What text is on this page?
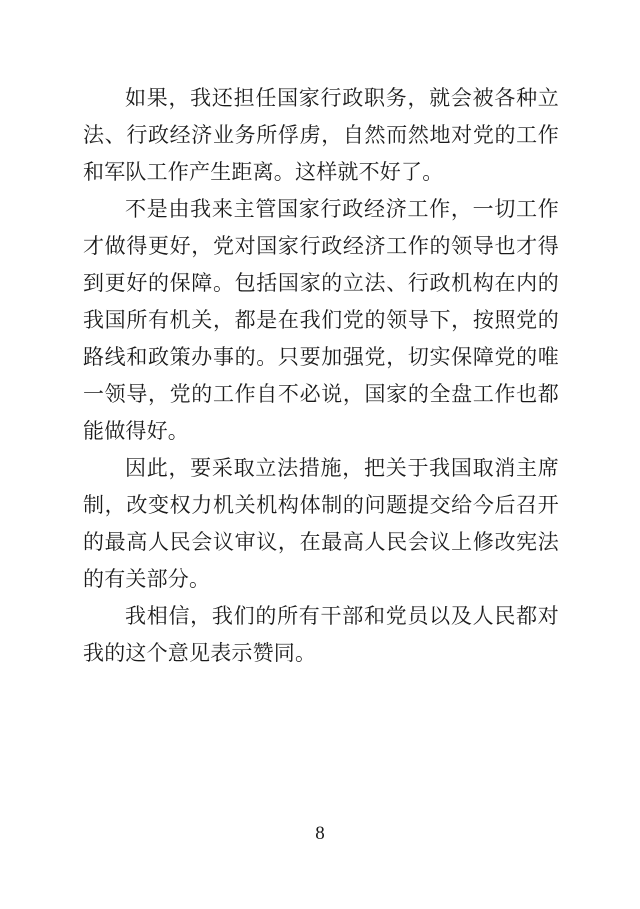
如果，我还担任国家行政职务，就会被各种立法、行政经济业务所俘虏，自然而然地对党的工作和军队工作产生距离。这样就不好了。

不是由我来主管国家行政经济工作，一切工作才做得更好，党对国家行政经济工作的领导也才得到更好的保障。包括国家的立法、行政机构在内的我国所有机关，都是在我们党的领导下，按照党的路线和政策办事的。只要加强党，切实保障党的唯一领导，党的工作自不必说，国家的全盘工作也都能做得好。

因此，要采取立法措施，把关于我国取消主席制，改变权力机关机构体制的问题提交给今后召开的最高人民会议审议，在最高人民会议上修改宪法的有关部分。

我相信，我们的所有干部和党员以及人民都对我的这个意见表示赞同。

8
